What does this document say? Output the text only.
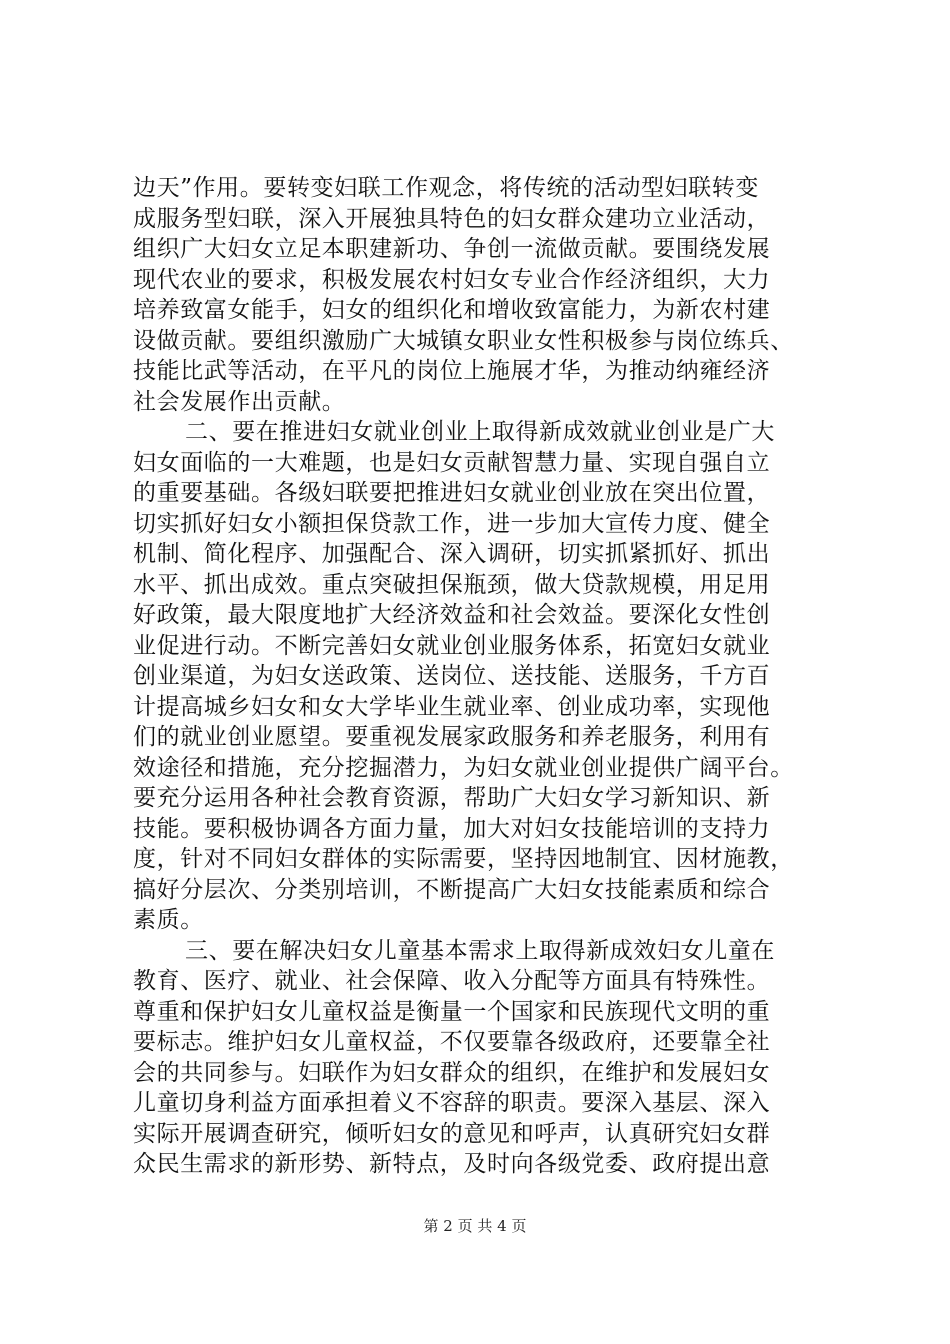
边天”作用。要转变妇联工作观念，将传统的活动型妇联转变
成服务型妇联，深入开展独具特色的妇女群众建功立业活动，
组织广大妇女立足本职建新功、争创一流做贡献。要围绕发展
现代农业的要求，积极发展农村妇女专业合作经济组织，大力
培养致富女能手，妇女的组织化和增收致富能力，为新农村建
设做贡献。要组织激励广大城镇女职业女性积极参与岗位练兵、
技能比武等活动，在平凡的岗位上施展才华，为推动纳雍经济
社会发展作出贡献。
二、要在推进妇女就业创业上取得新成效就业创业是广大
妇女面临的一大难题，也是妇女贡献智慧力量、实现自强自立
的重要基础。各级妇联要把推进妇女就业创业放在突出位置，
切实抓好妇女小额担保贷款工作，进一步加大宣传力度、健全
机制、简化程序、加强配合、深入调研，切实抓紧抓好、抓出
水平、抓出成效。重点突破担保瓶颈，做大贷款规模，用足用
好政策，最大限度地扩大经济效益和社会效益。要深化女性创
业促进行动。不断完善妇女就业创业服务体系，拓宽妇女就业
创业渠道，为妇女送政策、送岗位、送技能、送服务，千方百
计提高城乡妇女和女大学毕业生就业率、创业成功率，实现他
们的就业创业愿望。要重视发展家政服务和养老服务，利用有
效途径和措施，充分挖掘潜力，为妇女就业创业提供广阔平台。
要充分运用各种社会教育资源，帮助广大妇女学习新知识、新
技能。要积极协调各方面力量，加大对妇女技能培训的支持力
度，针对不同妇女群体的实际需要，坚持因地制宜、因材施教，
搞好分层次、分类别培训，不断提高广大妇女技能素质和综合
素质。
三、要在解决妇女儿童基本需求上取得新成效妇女儿童在
教育、医疗、就业、社会保障、收入分配等方面具有特殊性。
尊重和保护妇女儿童权益是衡量一个国家和民族现代文明的重
要标志。维护妇女儿童权益，不仅要靠各级政府，还要靠全社
会的共同参与。妇联作为妇女群众的组织，在维护和发展妇女
儿童切身利益方面承担着义不容辞的职责。要深入基层、深入
实际开展调查研究，倾听妇女的意见和呼声，认真研究妇女群
众民生需求的新形势、新特点，及时向各级党委、政府提出意
第 2 页 共 4 页
